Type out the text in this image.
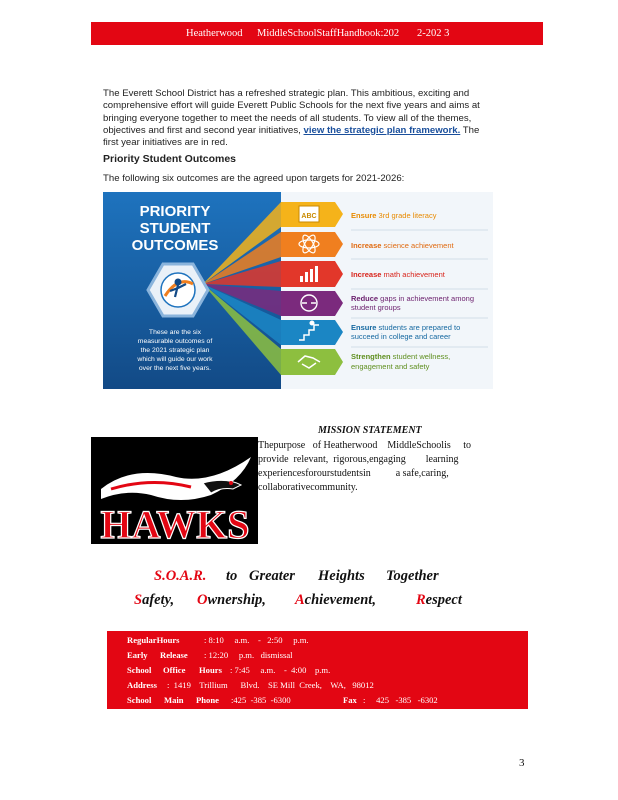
Heatherwood MiddleSchoolStaffHandbook:202 2-202 3
The Everett School District has a refreshed strategic plan. This ambitious, exciting and
comprehensive effort will guide Everett Public Schools for the next five years and aims at
bringing everyone together to meet the needs of all students. To view all of the themes,
objectives and first and second year initiatives, view the strategic plan framework. The
first year initiatives are in red.
Priority Student Outcomes
The following six outcomes are the agreed upon targets for 2021-2026:
PRIORITY
STUDENT
OUTCOMES
These are the six
measurable outcomes of
the 2021 strategic plan
which will guide our work
over the next five years.
ABC	Ensure 3rd grade literacy
Increase science achievement
Increase math achievement
Reduce gaps in achievement among
student groups
Ensure students are prepared to
succeed in college and career
Strengthen student wellness,
engagement and safety
HAWKS
MISSION STATEMENT
Thepurpose   of Heatherwood    MiddleSchoolis     to
provide  relevant,  rigorous,engaging        learning
experiencesforourstudentsin          a safe,caring,
collaborativecommunity.
S.O.A.R. to Greater Heights Together
Safety, Ownership, Achievement,	Respect
RegularHours	: 8:10     a.m.    -   2:50     p.m.
Early Release : 12:20     p.m.   dismissal
School Office Hours : 7:45     a.m.    -  4:00    p.m.
Address :  1419    Trillium      Blvd.    SE Mill  Creek,    WA,   98012
School Main Phone :425  -385  -6300	Fax :     425   -385   -6302
3
